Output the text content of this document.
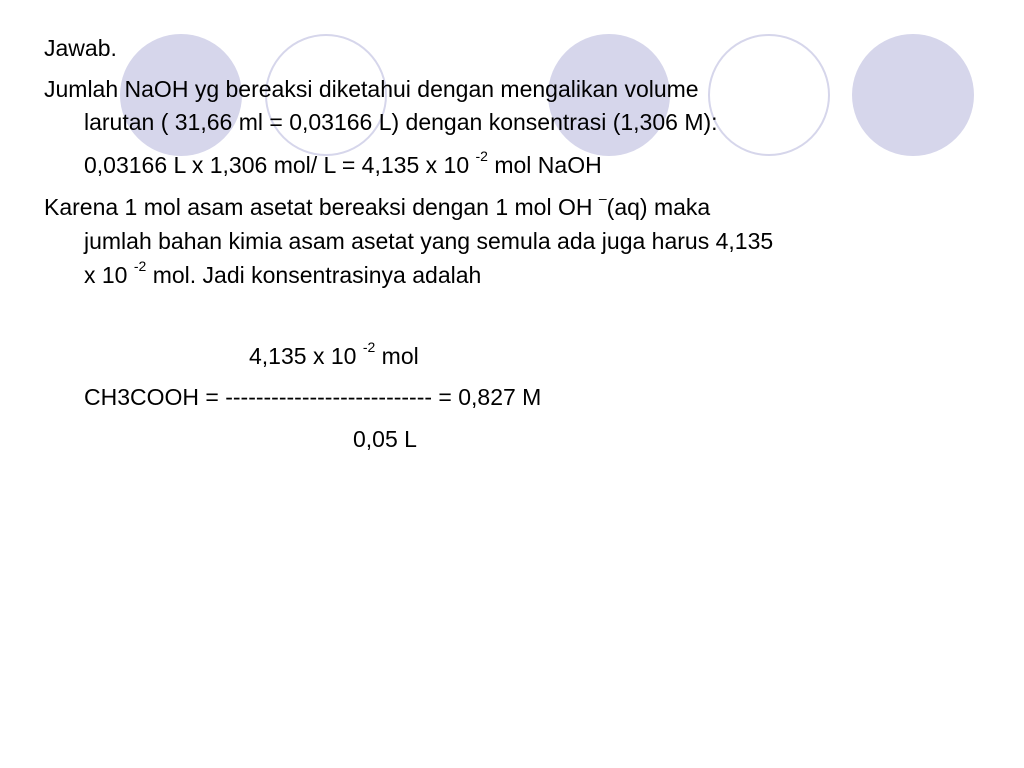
Jawab.
Jumlah NaOH yg bereaksi diketahui dengan mengalikan volume
larutan ( 31,66 ml = 0,03166 L) dengan konsentrasi (1,306 M):
0,03166 L x 1,306 mol/ L = 4,135 x 10 $^{-2}$ mol NaOH
Karena 1 mol asam asetat bereaksi dengan 1 mol OH –(aq) maka
jumlah bahan kimia asam asetat yang semula ada juga harus 4,135
x 10 $^{-2}$ mol. Jadi konsentrasinya adalah
4,135 x 10 $^{-2}$ mol
CH3COOH = --------------------------- = 0,827 M
0,05 L
